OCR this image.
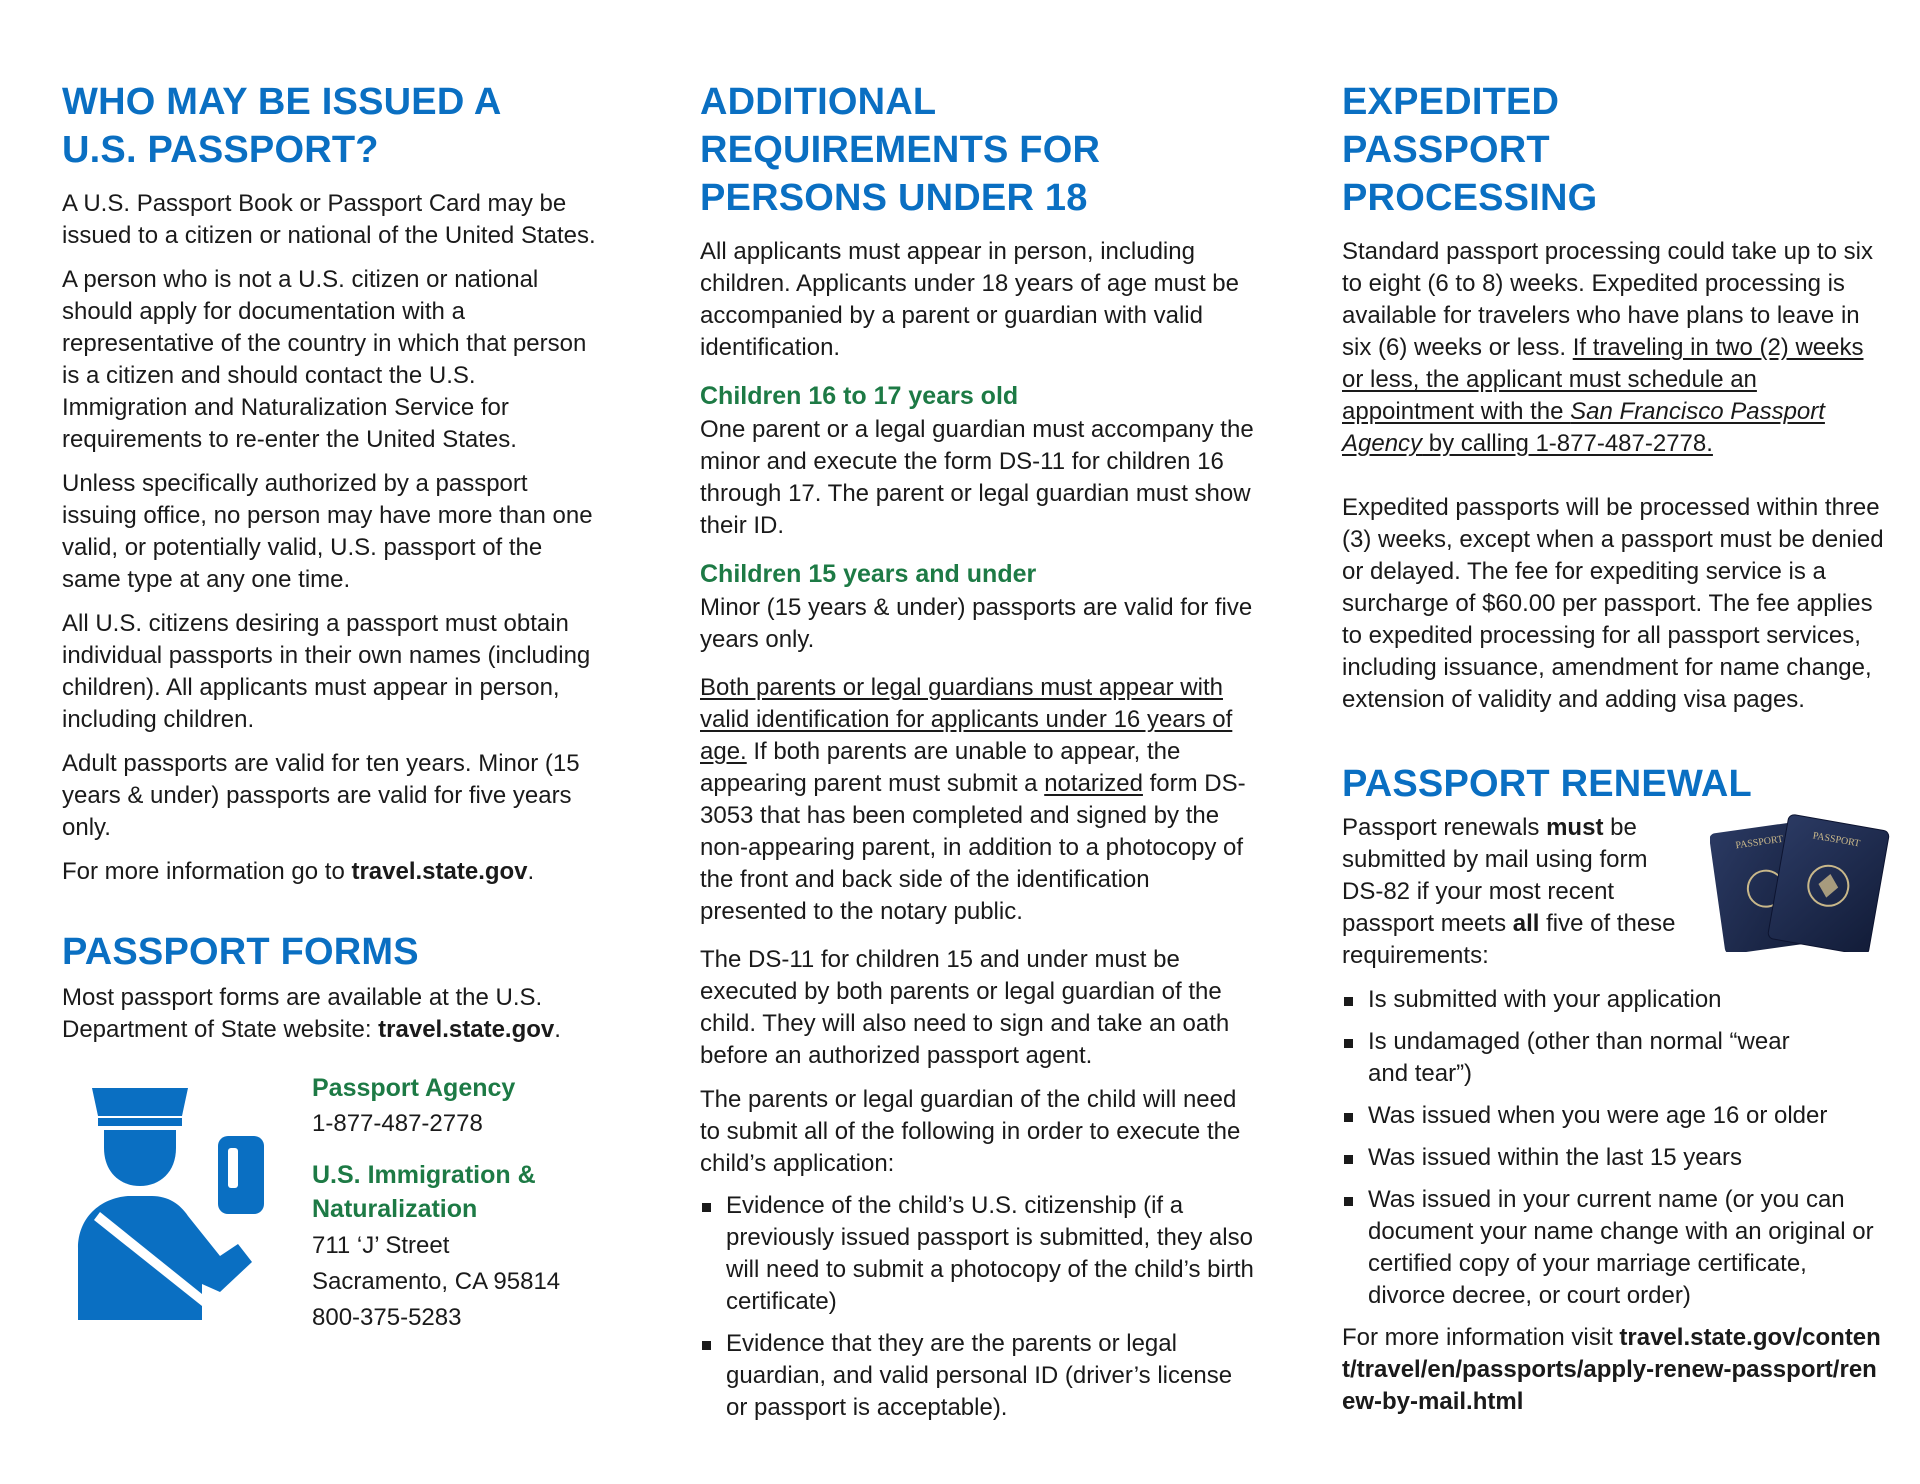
WHO MAY BE ISSUED A U.S. PASSPORT?

A U.S. Passport Book or Passport Card may be issued to a citizen or national of the United States.

A person who is not a U.S. citizen or national should apply for documentation with a representative of the country in which that person is a citizen and should contact the U.S. Immigration and Naturalization Service for requirements to re-enter the United States.

Unless specifically authorized by a passport issuing office, no person may have more than one valid, or potentially valid, U.S. passport of the same type at any one time.

All U.S. citizens desiring a passport must obtain individual passports in their own names (including children). All applicants must appear in person, including children.

Adult passports are valid for ten years. Minor (15 years & under) passports are valid for five years only.

For more information go to travel.state.gov.

PASSPORT FORMS

Most passport forms are available at the U.S. Department of State website: travel.state.gov.

Passport Agency

1-877-487-2778

U.S. Immigration & Naturalization

711 ‘J’ Street

Sacramento, CA 95814

800-375-5283

ADDITIONAL REQUIREMENTS FOR PERSONS UNDER 18

All applicants must appear in person, including children. Applicants under 18 years of age must be accompanied by a parent or guardian with valid identification.

Children 16 to 17 years old

One parent or a legal guardian must accompany the minor and execute the form DS-11 for children 16 through 17. The parent or legal guardian must show their ID.

Children 15 years and under

Minor (15 years & under) passports are valid for five years only.

Both parents or legal guardians must appear with valid identification for applicants under 16 years of age. If both parents are unable to appear, the appearing parent must submit a notarized form DS-3053 that has been completed and signed by the non-appearing parent, in addition to a photocopy of the front and back side of the identification presented to the notary public.

The DS-11 for children 15 and under must be executed by both parents or legal guardian of the child. They will also need to sign and take an oath before an authorized passport agent.

The parents or legal guardian of the child will need to submit all of the following in order to execute the child’s application:

Evidence of the child’s U.S. citizenship (if a previously issued passport is submitted, they also will need to submit a photocopy of the child’s birth certificate)
Evidence that they are the parents or legal guardian, and valid personal ID (driver’s license or passport is acceptable).
EXPEDITED PASSPORT PROCESSING

Standard passport processing could take up to six to eight (6 to 8) weeks. Expedited processing is available for travelers who have plans to leave in six (6) weeks or less. If traveling in two (2) weeks or less, the applicant must schedule an appointment with the San Francisco Passport Agency by calling 1-877-487-2778.

Expedited passports will be processed within three (3) weeks, except when a passport must be denied or delayed. The fee for expediting service is a surcharge of $60.00 per passport. The fee applies to expedited processing for all passport services, including issuance, amendment for name change, extension of validity and adding visa pages.

PASSPORT RENEWAL

Passport renewals must be submitted by mail using form DS-82 if your most recent passport meets all five of these requirements:

PASSPORT	PASSPORT
Is submitted with your application
Is undamaged (other than normal “wear and tear”)
Was issued when you were age 16 or older
Was issued within the last 15 years
Was issued in your current name (or you can document your name change with an original or certified copy of your marriage certificate, divorce decree, or court order)

For more information visit travel.state.gov/content/travel/en/passports/apply-renew-passport/renew-by-mail.html
